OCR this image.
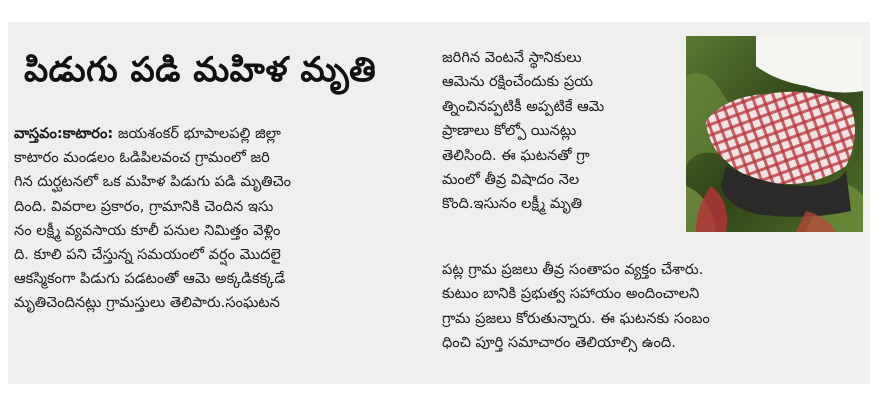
పిడుగు పడి మహిళ మృతి
వాస్తవం:కాటారం: జయశంకర్ భూపాలపల్లి జిల్లా
కాటారం మండలం ఓడిపిలవంచ గ్రామంలో జరి
గిన దుర్ఘటనలో ఒక మహిళ పిడుగు పడి మృతిచెం
దింది. వివరాల ప్రకారం, గ్రామానికి చెందిన ఇసు
నం లక్ష్మీ వ్యవసాయ కూలీ పనుల నిమిత్తం వెళ్లిం
ది. కూలి పని చేస్తున్న సమయంలో వర్షం మొదలై
ఆకస్మికంగా పిడుగు పడటంతో ఆమె అక్కడికక్కడే
మృతిచెందినట్లు గ్రామస్తులు తెలిపారు.సంఘటన
జరిగిన వెంటనే స్థానికులు
ఆమెను రక్షించేందుకు ప్రయ
త్నించినప్పటికీ అప్పటికే ఆమె
ప్రాణాలు కోల్పో యినట్లు
తెలిసింది. ఈ ఘటనతో గ్రా
మంలో తీవ్ర విషాదం నెల
కొంది.ఇసునం లక్ష్మీ మృతి
పట్ల గ్రామ ప్రజలు తీవ్ర సంతాపం వ్యక్తం చేశారు.
కుటుం బానికి ప్రభుత్వ సహాయం అందించాలని
గ్రామ ప్రజలు కోరుతున్నారు. ఈ ఘటనకు సంబం
ధించి పూర్తి సమాచారం తెలియాల్సి ఉంది.
